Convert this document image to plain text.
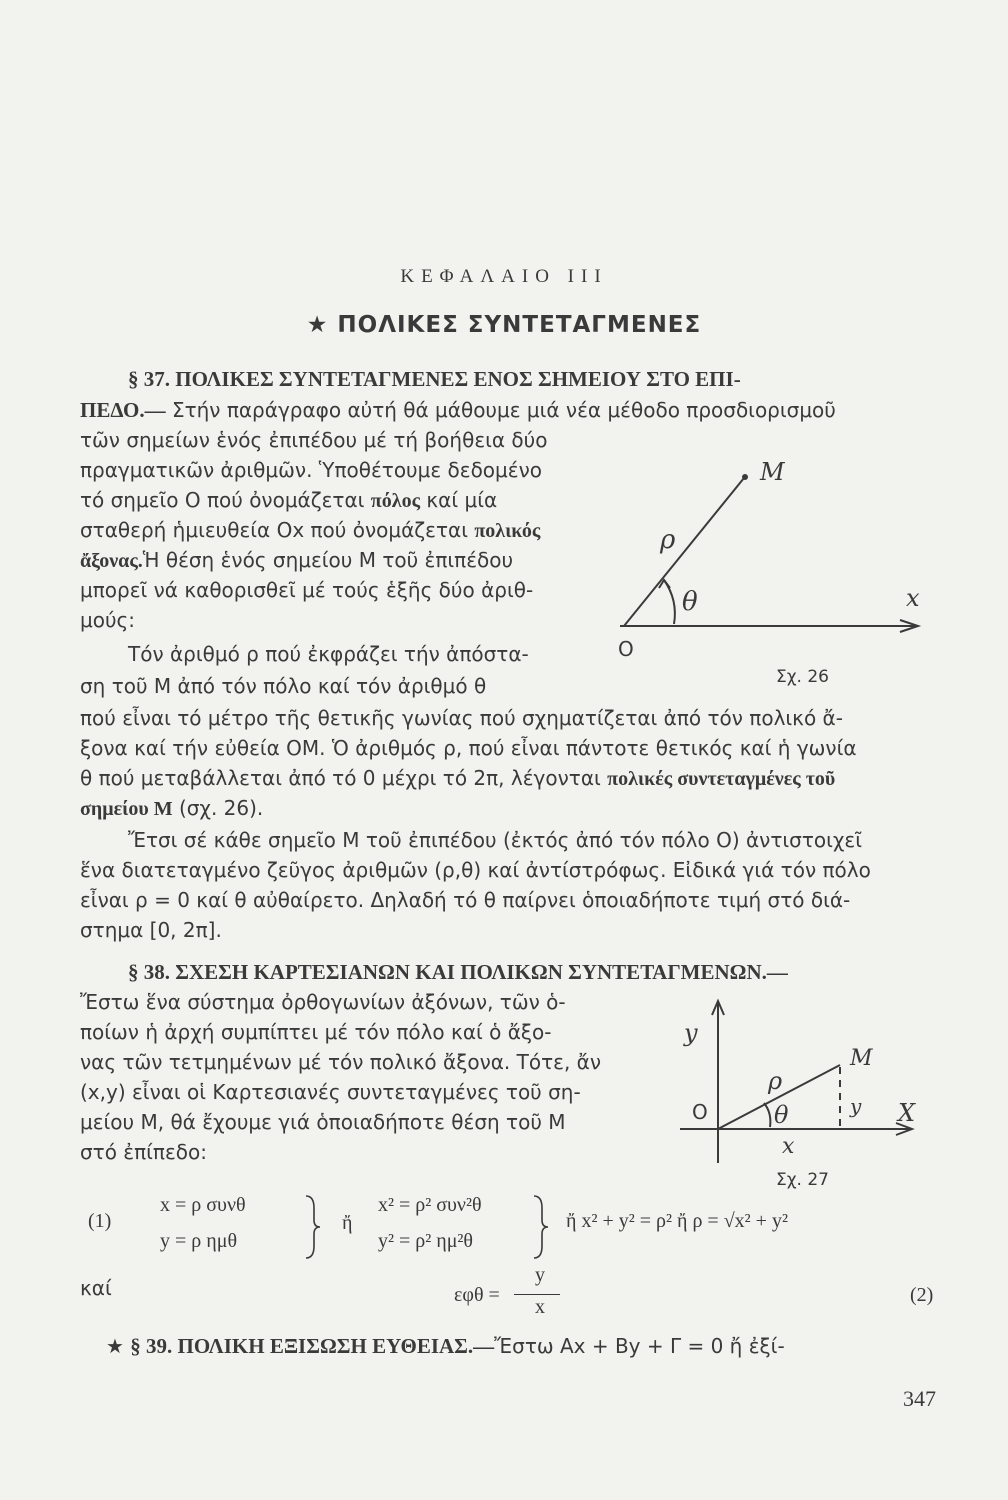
ΚΕΦΑΛΑΙΟ III
★ ΠΟΛΙΚΕΣ ΣΥΝΤΕΤΑΓΜΕΝΕΣ
§ 37. ΠΟΛΙΚΕΣ ΣΥΝΤΕΤΑΓΜΕΝΕΣ ΕΝΟΣ ΣΗΜΕΙΟΥ ΣΤΟ ΕΠΙ-
ΠΕΔΟ.— Στήν παράγραφο αὐτή θά μάθουμε μιά νέα μέθοδο προσδιορισμοῦ
τῶν σημείων ἑνός ἐπιπέδου μέ τή βοήθεια δύο
πραγματικῶν ἀριθμῶν. Ὑποθέτουμε δεδομένο
τό σημεῖο Ο πού ὀνομάζεται πόλος καί μία
σταθερή ἡμιευθεία Οx πού ὀνομάζεται πολικός
ἄξονας.Ἡ θέση ἑνός σημείου Μ τοῦ ἐπιπέδου
μπορεῖ νά καθορισθεῖ μέ τούς ἑξῆς δύο ἀριθ-
μούς:
Τόν ἀριθμό ρ πού ἐκφράζει τήν ἀπόστα-
ση τοῦ Μ ἀπό τόν πόλο καί τόν ἀριθμό θ
πού εἶναι τό μέτρο τῆς θετικῆς γωνίας πού σχηματίζεται ἀπό τόν πολικό ἄ-
ξονα καί τήν εὐθεία ΟΜ. Ὁ ἀριθμός ρ, πού εἶναι πάντοτε θετικός καί ἡ γωνία
θ πού μεταβάλλεται ἀπό τό 0 μέχρι τό 2π, λέγονται πολικές συντεταγμένες τοῦ
σημείου Μ (σχ. 26).
Ἔτσι σέ κάθε σημεῖο Μ τοῦ ἐπιπέδου (ἐκτός ἀπό τόν πόλο Ο) ἀντιστοιχεῖ
ἕνα διατεταγμένο ζεῦγος ἀριθμῶν (ρ,θ) καί ἀντίστρόφως. Εἰδικά γιά τόν πόλο
εἶναι ρ = 0 καί θ αὐθαίρετο. Δηλαδή τό θ παίρνει ὁποιαδήποτε τιμή στό διά-
στημα [0, 2π].
Μ
ρ
θ	x
O
Σχ. 26
§ 38. ΣΧΕΣΗ ΚΑΡΤΕΣΙΑΝΩΝ ΚΑΙ ΠΟΛΙΚΩΝ ΣΥΝΤΕΤΑΓΜΕΝΩΝ.—
Ἔστω ἕνα σύστημα ὀρθογωνίων ἀξόνων, τῶν ὁ-
ποίων ἡ ἀρχή συμπίπτει μέ τόν πόλο καί ὁ ἄξο-
νας τῶν τετμημένων μέ τόν πολικό ἄξονα. Τότε, ἄν
(x,y) εἶναι οἱ Καρτεσιανές συντεταγμένες τοῦ ση-
μείου Μ, θά ἔχουμε γιά ὁποιαδήποτε θέση τοῦ Μ
στό ἐπίπεδο:
y
Μ
ρ
O	θ	y X
x
Σχ. 27
(1)
x = ρ συνθ
y = ρ ημθ
ἤ
x² = ρ² συν²θ
y² = ρ² ημ²θ
ἤ x² + y² = ρ² ἤ ρ = √x² + y²
καί	εφθ =
y
x
(2)
★ § 39. ΠΟΛΙΚΗ ΕΞΙΣΩΣΗ ΕΥΘΕΙΑΣ.—Ἔστω Ax + By + Γ = 0 ἤ ἐξί-
347
